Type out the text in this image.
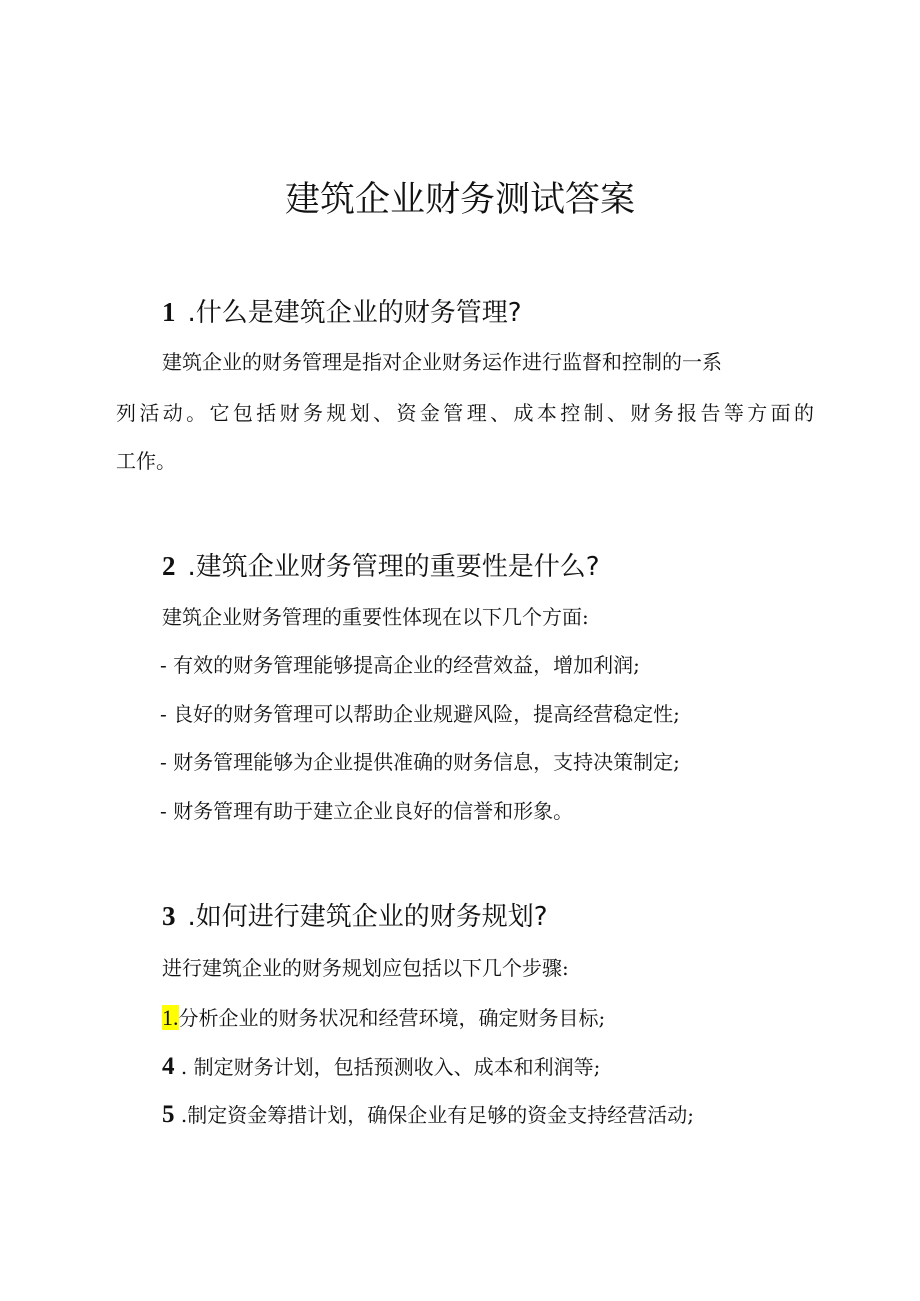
建筑企业财务测试答案
1 .什么是建筑企业的财务管理?

建筑企业的财务管理是指对企业财务运作进行监督和控制的一系

列活动。它包括财务规划、资金管理、成本控制、财务报告等方面的

工作。

2 .建筑企业财务管理的重要性是什么?

建筑企业财务管理的重要性体现在以下几个方面:

- 有效的财务管理能够提高企业的经营效益，增加利润;

- 良好的财务管理可以帮助企业规避风险，提高经营稳定性;

- 财务管理能够为企业提供准确的财务信息，支持决策制定;

- 财务管理有助于建立企业良好的信誉和形象。

3 .如何进行建筑企业的财务规划?

进行建筑企业的财务规划应包括以下几个步骤:

1.分析企业的财务状况和经营环境，确定财务目标;

4 . 制定财务计划，包括预测收入、成本和利润等;

5 .制定资金筹措计划，确保企业有足够的资金支持经营活动;
